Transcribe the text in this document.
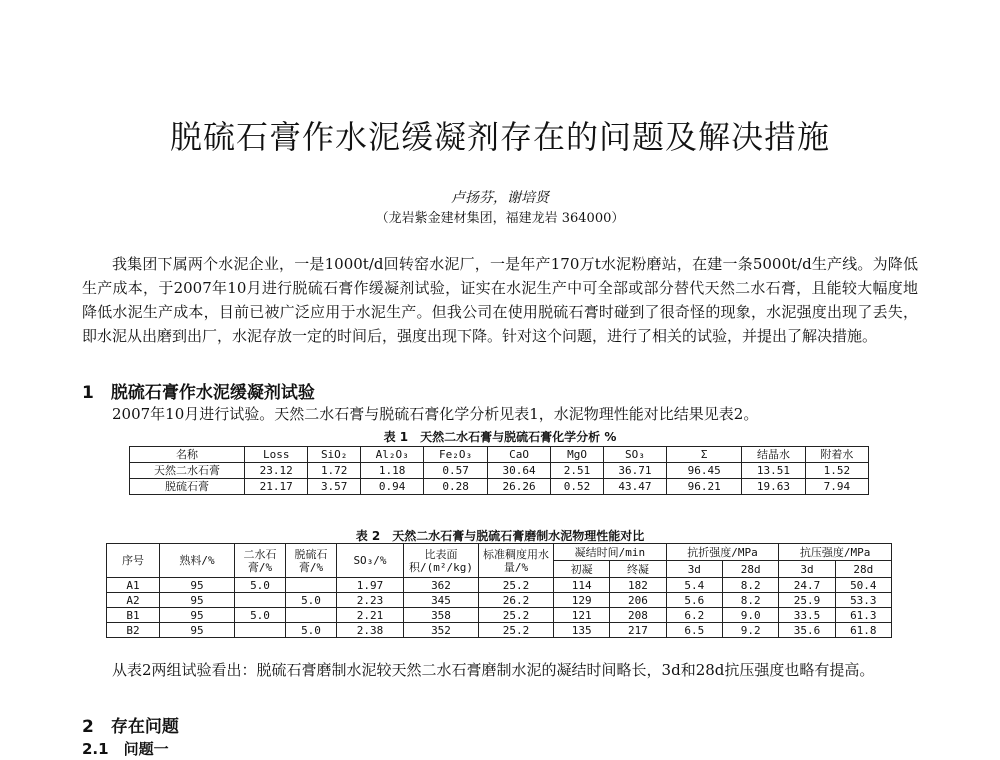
脱硫石膏作水泥缓凝剂存在的问题及解决措施

卢扬芬，谢培贤

（龙岩紫金建材集团，福建龙岩 364000）

我集团下属两个水泥企业，一是1000t/d回转窑水泥厂，一是年产170万t水泥粉磨站，在建一条5000t/d生产线。为降低生产成本，于2007年10月进行脱硫石膏作缓凝剂试验，证实在水泥生产中可全部或部分替代天然二水石膏，且能较大幅度地降低水泥生产成本，目前已被广泛应用于水泥生产。但我公司在使用脱硫石膏时碰到了很奇怪的现象，水泥强度出现了丢失，即水泥从出磨到出厂，水泥存放一定的时间后，强度出现下降。针对这个问题，进行了相关的试验，并提出了解决措施。

1　脱硫石膏作水泥缓凝剂试验

2007年10月进行试验。天然二水石膏与脱硫石膏化学分析见表1，水泥物理性能对比结果见表2。

表 1　天然二水石膏与脱硫石膏化学分析 %

名称	Loss	SiO₂	Al₂O₃	Fe₂O₃	CaO	MgO	SO₃	Σ	结晶水	附着水
天然二水石膏	23.12	1.72	1.18	0.57	30.64	2.51	36.71	96.45	13.51	1.52
脱硫石膏	21.17	3.57	0.94	0.28	26.26	0.52	43.47	96.21	19.63	7.94

表 2　天然二水石膏与脱硫石膏磨制水泥物理性能对比

序号	熟料/%	二水石膏/%	脱硫石膏/%	SO₃/%	比表面积/(m²/kg)	标准稠度用水量/%	凝结时间/min		抗折强度/MPa		抗压强度/MPa	
							初凝	终凝	3d	28d	3d	28d
A1	95	5.0		1.97	362	25.2	114	182	5.4	8.2	24.7	50.4
A2	95		5.0	2.23	345	26.2	129	206	5.6	8.2	25.9	53.3
B1	95	5.0		2.21	358	25.2	121	208	6.2	9.0	33.5	61.3
B2	95		5.0	2.38	352	25.2	135	217	6.5	9.2	35.6	61.8

从表2两组试验看出：脱硫石膏磨制水泥较天然二水石膏磨制水泥的凝结时间略长，3d和28d抗压强度也略有提高。

2　存在问题
2.1　问题一
